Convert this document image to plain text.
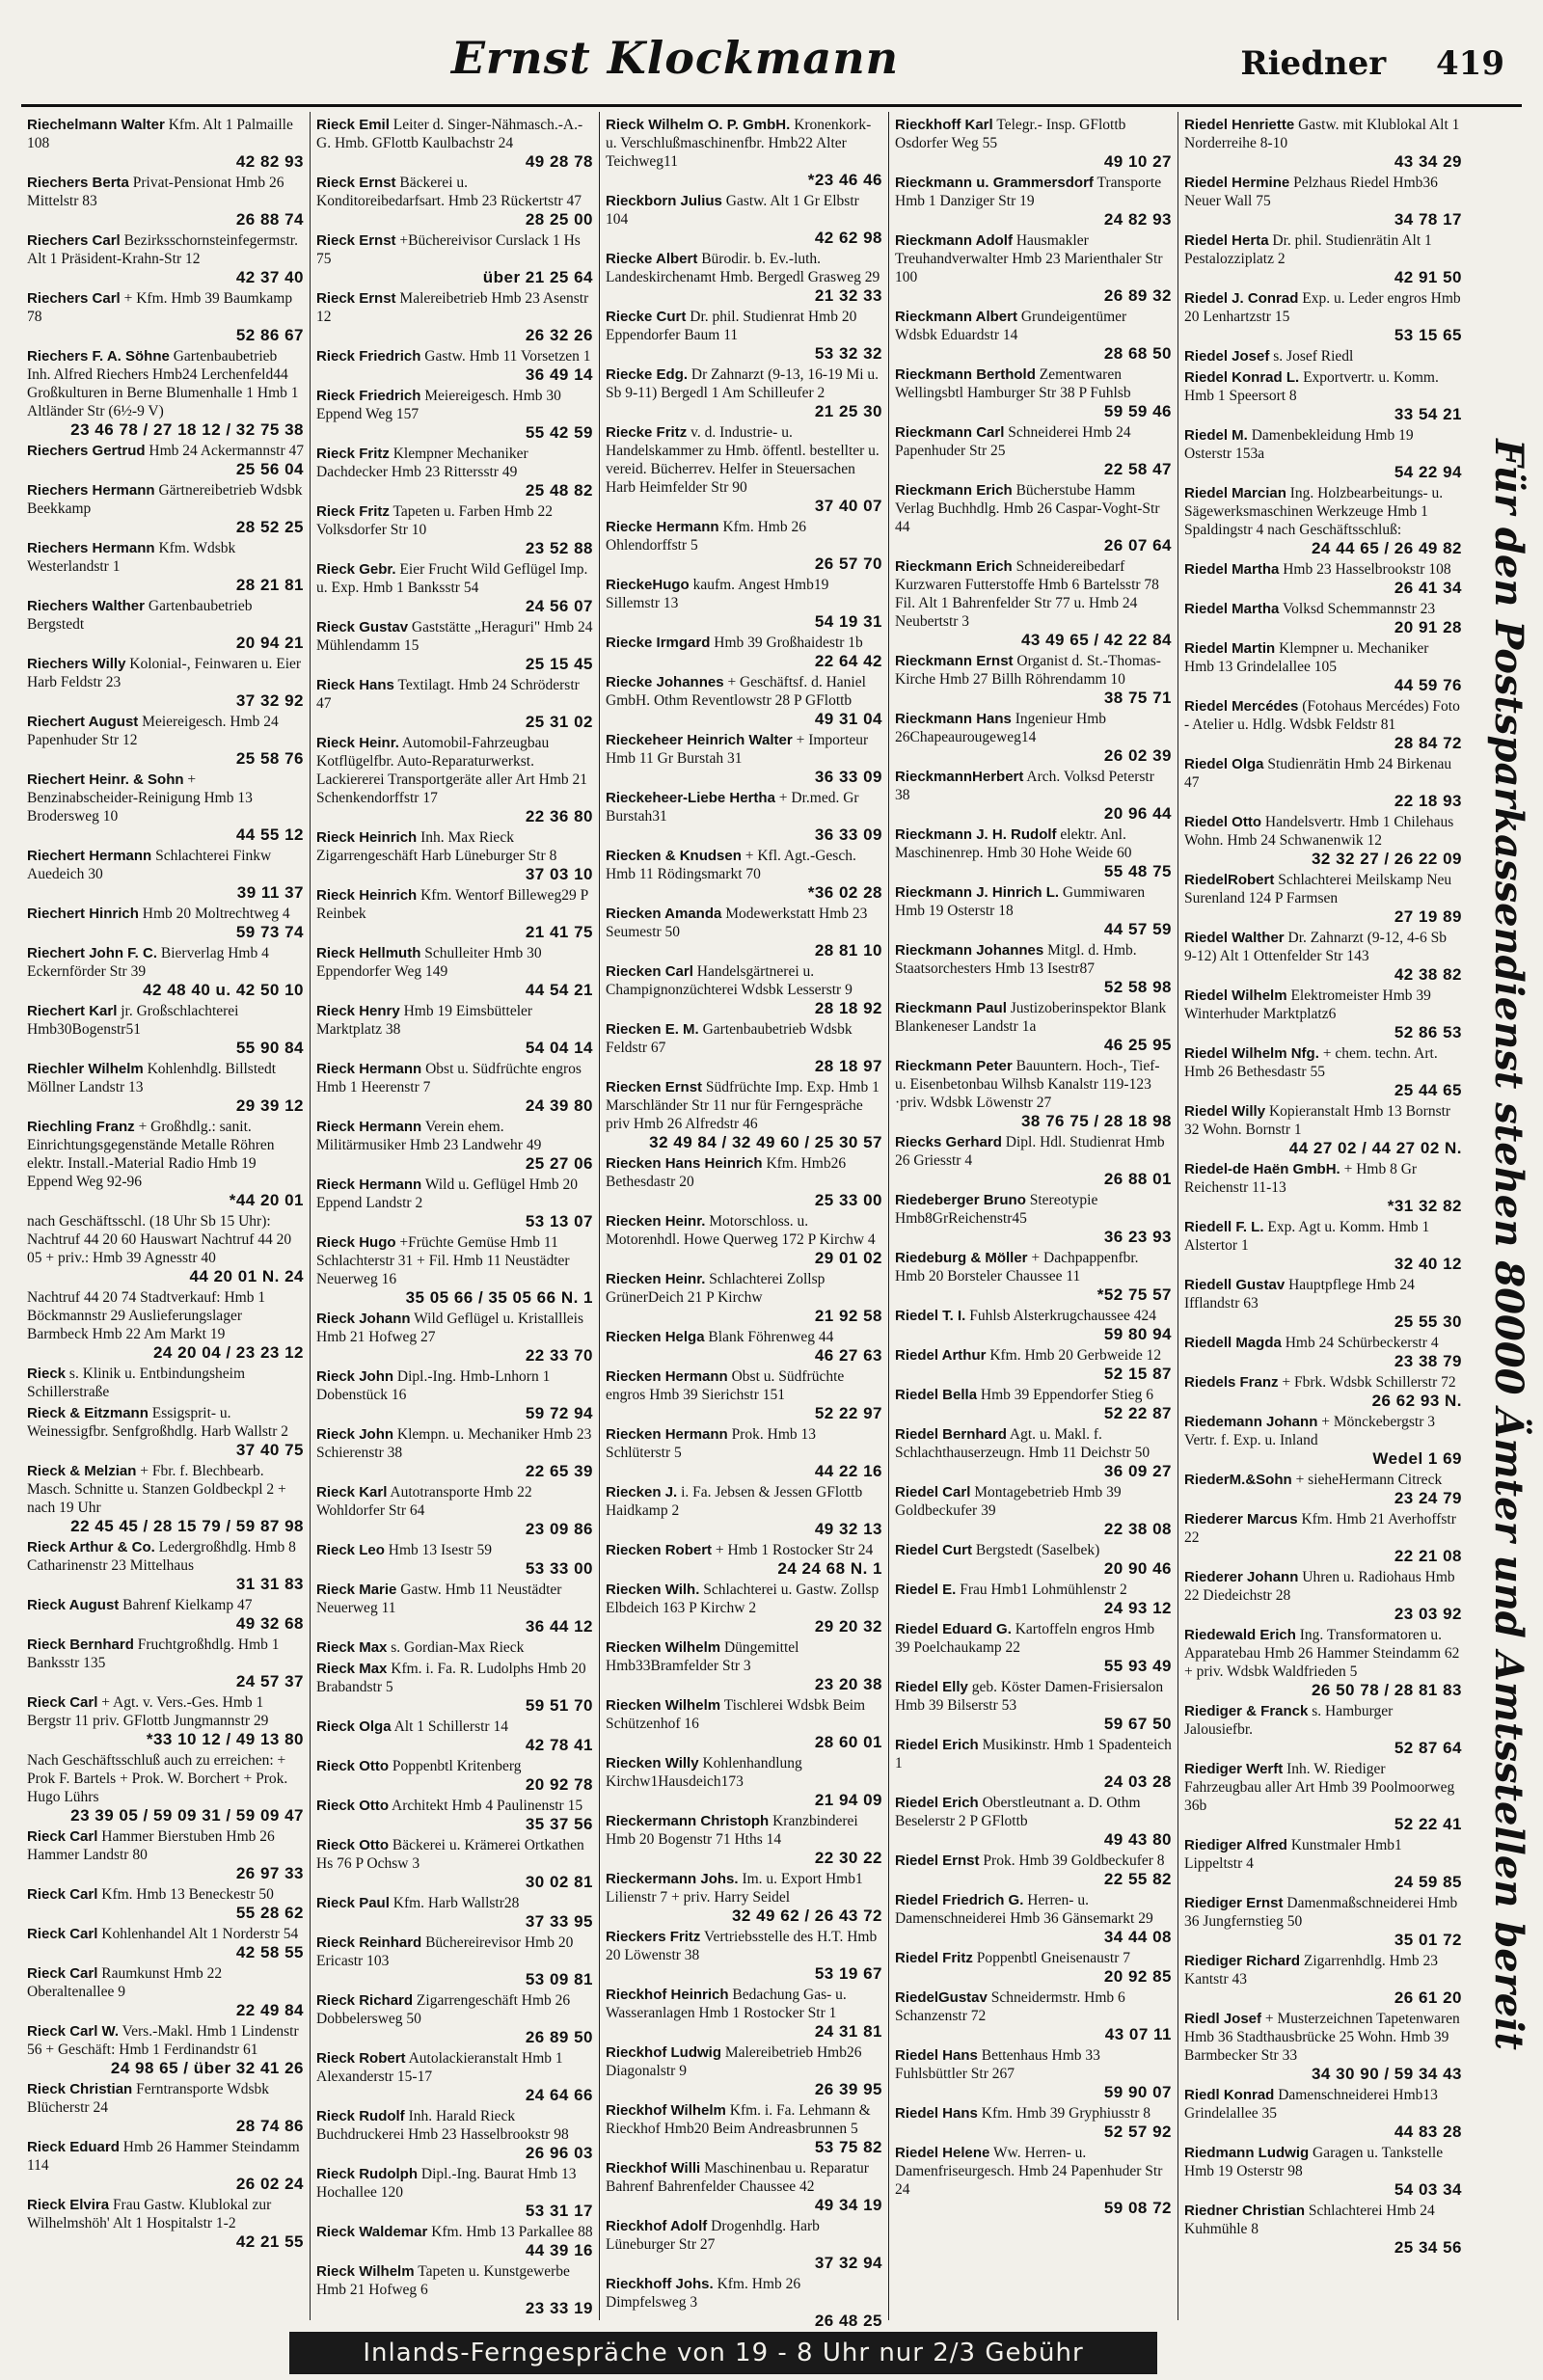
Ernst Klockmann	Riedner 419
Riechelmann Walter Kfm. Alt 1 Palmaille 108
42 82 93
Riechers Berta Privat-Pensionat Hmb 26 Mittelstr 83
26 88 74
Riechers Carl Bezirksschornsteinfegermstr. Alt 1 Präsident-Krahn-Str 12
42 37 40
Riechers Carl + Kfm. Hmb 39 Baumkamp 78
52 86 67
Riechers F. A. Söhne Gartenbaubetrieb Inh. Alfred Riechers Hmb24 Lerchenfeld44 Großkulturen in Berne Blumenhalle 1 Hmb 1 Altländer Str (6½-9 V)
23 46 78 / 27 18 12 / 32 75 38
Riechers Gertrud Hmb 24 Ackermannstr 47
25 56 04
Riechers Hermann Gärtnereibetrieb Wdsbk Beekkamp
28 52 25
Riechers Hermann Kfm. Wdsbk Westerlandstr 1
28 21 81
Riechers Walther Gartenbaubetrieb Bergstedt
20 94 21
Riechers Willy Kolonial-, Feinwaren u. Eier Harb Feldstr 23
37 32 92
Riechert August Meiereigesch. Hmb 24 Papenhuder Str 12
25 58 76
Riechert Heinr. & Sohn + Benzinabscheider-Reinigung Hmb 13 Brodersweg 10
44 55 12
Riechert Hermann Schlachterei Finkw Auedeich 30
39 11 37
Riechert Hinrich Hmb 20 Moltrechtweg 4
59 73 74
Riechert John F. C. Bierverlag Hmb 4 Eckernförder Str 39
42 48 40 u. 42 50 10
Riechert Karl jr. Großschlachterei Hmb30Bogenstr51
55 90 84
Riechler Wilhelm Kohlenhdlg. Billstedt Möllner Landstr 13
29 39 12
Riechling Franz + Großhdlg.: sanit. Einrichtungsgegenstände Metalle Röhren elektr. Install.-Material Radio Hmb 19 Eppend Weg 92-96
*44 20 01
nach Geschäftsschl. (18 Uhr Sb 15 Uhr): Nachtruf 44 20 60 Hauswart Nachtruf 44 20 05 + priv.: Hmb 39 Agnesstr 40
44 20 01 N. 24
Nachtruf 44 20 74 Stadtverkauf: Hmb 1 Böckmannstr 29 Auslieferungslager Barmbeck Hmb 22 Am Markt 19
24 20 04 / 23 23 12
Rieck s. Klinik u. Entbindungsheim Schillerstraße
Rieck & Eitzmann Essigsprit- u. Weinessigfbr. Senfgroßhdlg. Harb Wallstr 2
37 40 75
Rieck & Melzian + Fbr. f. Blechbearb. Masch. Schnitte u. Stanzen Goldbeckpl 2 + nach 19 Uhr
22 45 45 / 28 15 79 / 59 87 98
Rieck Arthur & Co. Ledergroßhdlg. Hmb 8 Catharinenstr 23 Mittelhaus
31 31 83
Rieck August Bahrenf Kielkamp 47
49 32 68
Rieck Bernhard Fruchtgroßhdlg. Hmb 1 Banksstr 135
24 57 37
Rieck Carl + Agt. v. Vers.-Ges. Hmb 1 Bergstr 11 priv. GFlottb Jungmannstr 29
*33 10 12 / 49 13 80
Nach Geschäftsschluß auch zu erreichen: + Prok F. Bartels + Prok. W. Borchert + Prok. Hugo Lührs
23 39 05 / 59 09 31 / 59 09 47
Rieck Carl Hammer Bierstuben Hmb 26 Hammer Landstr 80
26 97 33
Rieck Carl Kfm. Hmb 13 Beneckestr 50
55 28 62
Rieck Carl Kohlenhandel Alt 1 Norderstr 54
42 58 55
Rieck Carl Raumkunst Hmb 22 Oberaltenallee 9
22 49 84
Rieck Carl W. Vers.-Makl. Hmb 1 Lindenstr 56 + Geschäft: Hmb 1 Ferdinandstr 61
24 98 65 / über 32 41 26
Rieck Christian Ferntransporte Wdsbk Blücherstr 24
28 74 86
Rieck Eduard Hmb 26 Hammer Steindamm 114
26 02 24
Rieck Elvira Frau Gastw. Klublokal zur Wilhelmshöh' Alt 1 Hospitalstr 1-2
42 21 55
Rieck Emil Leiter d. Singer-Nähmasch.-A.-G. Hmb. GFlottb Kaulbachstr 24
49 28 78
Rieck Ernst Bäckerei u. Konditoreibedarfsart. Hmb 23 Rückertstr 47
28 25 00
Rieck Ernst +Büchereivisor Curslack 1 Hs 75
über 21 25 64
Rieck Ernst Malereibetrieb Hmb 23 Asenstr 12
26 32 26
Rieck Friedrich Gastw. Hmb 11 Vorsetzen 1
36 49 14
Rieck Friedrich Meiereigesch. Hmb 30 Eppend Weg 157
55 42 59
Rieck Fritz Klempner Mechaniker Dachdecker Hmb 23 Rittersstr 49
25 48 82
Rieck Fritz Tapeten u. Farben Hmb 22 Volksdorfer Str 10
23 52 88
Rieck Gebr. Eier Frucht Wild Geflügel Imp. u. Exp. Hmb 1 Banksstr 54
24 56 07
Rieck Gustav Gaststätte „Heraguri" Hmb 24 Mühlendamm 15
25 15 45
Rieck Hans Textilagt. Hmb 24 Schröderstr 47
25 31 02
Rieck Heinr. Automobil-Fahrzeugbau Kotflügelfbr. Auto-Reparaturwerkst. Lackiererei Transportgeräte aller Art Hmb 21 Schenkendorffstr 17
22 36 80
Rieck Heinrich Inh. Max Rieck Zigarrengeschäft Harb Lüneburger Str 8
37 03 10
Rieck Heinrich Kfm. Wentorf Billeweg29 P Reinbek
21 41 75
Rieck Hellmuth Schulleiter Hmb 30 Eppendorfer Weg 149
44 54 21
Rieck Henry Hmb 19 Eimsbütteler Marktplatz 38
54 04 14
Rieck Hermann Obst u. Südfrüchte engros Hmb 1 Heerenstr 7
24 39 80
Rieck Hermann Verein ehem. Militärmusiker Hmb 23 Landwehr 49
25 27 06
Rieck Hermann Wild u. Geflügel Hmb 20 Eppend Landstr 2
53 13 07
Rieck Hugo +Früchte Gemüse Hmb 11 Schlachterstr 31 + Fil. Hmb 11 Neustädter Neuerweg 16
35 05 66 / 35 05 66 N. 1
Rieck Johann Wild Geflügel u. Kristallleis Hmb 21 Hofweg 27
22 33 70
Rieck John Dipl.-Ing. Hmb-Lnhorn 1 Dobenstück 16
59 72 94
Rieck John Klempn. u. Mechaniker Hmb 23 Schierenstr 38
22 65 39
Rieck Karl Autotransporte Hmb 22 Wohldorfer Str 64
23 09 86
Rieck Leo Hmb 13 Isestr 59
53 33 00
Rieck Marie Gastw. Hmb 11 Neustädter Neuerweg 11
36 44 12
Rieck Max s. Gordian-Max Rieck
Rieck Max Kfm. i. Fa. R. Ludolphs Hmb 20 Brabandstr 5
59 51 70
Rieck Olga Alt 1 Schillerstr 14
42 78 41
Rieck Otto Poppenbtl Kritenberg
20 92 78
Rieck Otto Architekt Hmb 4 Paulinenstr 15
35 37 56
Rieck Otto Bäckerei u. Krämerei Ortkathen Hs 76 P Ochsw 3
30 02 81
Rieck Paul Kfm. Harb Wallstr28
37 33 95
Rieck Reinhard Büchereirevisor Hmb 20 Ericastr 103
53 09 81
Rieck Richard Zigarrengeschäft Hmb 26 Dobbelersweg 50
26 89 50
Rieck Robert Autolackieranstalt Hmb 1 Alexanderstr 15-17
24 64 66
Rieck Rudolf Inh. Harald Rieck Buchdruckerei Hmb 23 Hasselbrookstr 98
26 96 03
Rieck Rudolph Dipl.-Ing. Baurat Hmb 13 Hochallee 120
53 31 17
Rieck Waldemar Kfm. Hmb 13 Parkallee 88
44 39 16
Rieck Wilhelm Tapeten u. Kunstgewerbe Hmb 21 Hofweg 6
23 33 19
Rieck Wilhelm O. P. GmbH. Kronenkork- u. Verschlußmaschinenfbr. Hmb22 Alter Teichweg11
*23 46 46
Rieckborn Julius Gastw. Alt 1 Gr Elbstr 104
42 62 98
Riecke Albert Bürodir. b. Ev.-luth. Landeskirchenamt Hmb. Bergedl Grasweg 29
21 32 33
Riecke Curt Dr. phil. Studienrat Hmb 20 Eppendorfer Baum 11
53 32 32
Riecke Edg. Dr Zahnarzt (9-13, 16-19 Mi u. Sb 9-11) Bergedl 1 Am Schilleufer 2
21 25 30
Riecke Fritz v. d. Industrie- u. Handelskammer zu Hmb. öffentl. bestellter u. vereid. Bücherrev. Helfer in Steuersachen Harb Heimfelder Str 90
37 40 07
Riecke Hermann Kfm. Hmb 26 Ohlendorffstr 5
26 57 70
RieckeHugo kaufm. Angest Hmb19 Sillemstr 13
54 19 31
Riecke Irmgard Hmb 39 Großhaidestr 1b
22 64 42
Riecke Johannes + Geschäftsf. d. Haniel GmbH. Othm Reventlowstr 28 P GFlottb
49 31 04
Rieckeheer Heinrich Walter + Importeur Hmb 11 Gr Burstah 31
36 33 09
Rieckeheer-Liebe Hertha + Dr.med. Gr Burstah31
36 33 09
Riecken & Knudsen + Kfl. Agt.-Gesch. Hmb 11 Rödingsmarkt 70
*36 02 28
Riecken Amanda Modewerkstatt Hmb 23 Seumestr 50
28 81 10
Riecken Carl Handelsgärtnerei u. Champignonzüchterei Wdsbk Lesserstr 9
28 18 92
Riecken E. M. Gartenbaubetrieb Wdsbk Feldstr 67
28 18 97
Riecken Ernst Südfrüchte Imp. Exp. Hmb 1 Marschländer Str 11 nur für Ferngespräche priv Hmb 26 Alfredstr 46
32 49 84 / 32 49 60 / 25 30 57
Riecken Hans Heinrich Kfm. Hmb26 Bethesdastr 20
25 33 00
Riecken Heinr. Motorschloss. u. Motorenhdl. Howe Querweg 172 P Kirchw 4
29 01 02
Riecken Heinr. Schlachterei Zollsp GrünerDeich 21 P Kirchw
21 92 58
Riecken Helga Blank Föhrenweg 44
46 27 63
Riecken Hermann Obst u. Südfrüchte engros Hmb 39 Sierichstr 151
52 22 97
Riecken Hermann Prok. Hmb 13 Schlüterstr 5
44 22 16
Riecken J. i. Fa. Jebsen & Jessen GFlottb Haidkamp 2
49 32 13
Riecken Robert + Hmb 1 Rostocker Str 24
24 24 68 N. 1
Riecken Wilh. Schlachterei u. Gastw. Zollsp Elbdeich 163 P Kirchw 2
29 20 32
Riecken Wilhelm Düngemittel Hmb33Bramfelder Str 3
23 20 38
Riecken Wilhelm Tischlerei Wdsbk Beim Schützenhof 16
28 60 01
Riecken Willy Kohlenhandlung Kirchw1Hausdeich173
21 94 09
Rieckermann Christoph Kranzbinderei Hmb 20 Bogenstr 71 Hths 14
22 30 22
Rieckermann Johs. Im. u. Export Hmb1 Lilienstr 7 + priv. Harry Seidel
32 49 62 / 26 43 72
Rieckers Fritz Vertriebsstelle des H.T. Hmb 20 Löwenstr 38
53 19 67
Rieckhof Heinrich Bedachung Gas- u. Wasseranlagen Hmb 1 Rostocker Str 1
24 31 81
Rieckhof Ludwig Malereibetrieb Hmb26 Diagonalstr 9
26 39 95
Rieckhof Wilhelm Kfm. i. Fa. Lehmann & Rieckhof Hmb20 Beim Andreasbrunnen 5
53 75 82
Rieckhof Willi Maschinenbau u. Reparatur Bahrenf Bahrenfelder Chaussee 42
49 34 19
Rieckhof Adolf Drogenhdlg. Harb Lüneburger Str 27
37 32 94
Rieckhoff Johs. Kfm. Hmb 26 Dimpfelsweg 3
26 48 25
Rieckhoff Karl Telegr.- Insp. GFlottb Osdorfer Weg 55
49 10 27
Rieckmann u. Grammersdorf Transporte Hmb 1 Danziger Str 19
24 82 93
Rieckmann Adolf Hausmakler Treuhandverwalter Hmb 23 Marienthaler Str 100
26 89 32
Rieckmann Albert Grundeigentümer Wdsbk Eduardstr 14
28 68 50
Rieckmann Berthold Zementwaren Wellingsbtl Hamburger Str 38 P Fuhlsb
59 59 46
Rieckmann Carl Schneiderei Hmb 24 Papenhuder Str 25
22 58 47
Rieckmann Erich Bücherstube Hamm Verlag Buchhdlg. Hmb 26 Caspar-Voght-Str 44
26 07 64
Rieckmann Erich Schneidereibedarf Kurzwaren Futterstoffe Hmb 6 Bartelsstr 78 Fil. Alt 1 Bahrenfelder Str 77 u. Hmb 24 Neubertstr 3
43 49 65 / 42 22 84
Rieckmann Ernst Organist d. St.-Thomas-Kirche Hmb 27 Billh Röhrendamm 10
38 75 71
Rieckmann Hans Ingenieur Hmb 26Chapeaurougeweg14
26 02 39
RieckmannHerbert Arch. Volksd Peterstr 38
20 96 44
Rieckmann J. H. Rudolf elektr. Anl. Maschinenrep. Hmb 30 Hohe Weide 60
55 48 75
Rieckmann J. Hinrich L. Gummiwaren Hmb 19 Osterstr 18
44 57 59
Rieckmann Johannes Mitgl. d. Hmb. Staatsorchesters Hmb 13 Isestr87
52 58 98
Rieckmann Paul Justizoberinspektor Blank Blankeneser Landstr 1a
46 25 95
Rieckmann Peter Bauuntern. Hoch-, Tief- u. Eisenbetonbau Wilhsb Kanalstr 119-123 ·priv. Wdsbk Löwenstr 27
38 76 75 / 28 18 98
Riecks Gerhard Dipl. Hdl. Studienrat Hmb 26 Griesstr 4
26 88 01
Riedeberger Bruno Stereotypie Hmb8GrReichenstr45
36 23 93
Riedeburg & Möller + Dachpappenfbr. Hmb 20 Borsteler Chaussee 11
*52 75 57
Riedel T. I. Fuhlsb Alsterkrugchaussee 424
59 80 94
Riedel Arthur Kfm. Hmb 20 Gerbweide 12
52 15 87
Riedel Bella Hmb 39 Eppendorfer Stieg 6
52 22 87
Riedel Bernhard Agt. u. Makl. f. Schlachthauserzeugn. Hmb 11 Deichstr 50
36 09 27
Riedel Carl Montagebetrieb Hmb 39 Goldbeckufer 39
22 38 08
Riedel Curt Bergstedt (Saselbek)
20 90 46
Riedel E. Frau Hmb1 Lohmühlenstr 2
24 93 12
Riedel Eduard G. Kartoffeln engros Hmb 39 Poelchaukamp 22
55 93 49
Riedel Elly geb. Köster Damen-Frisiersalon Hmb 39 Bilserstr 53
59 67 50
Riedel Erich Musikinstr. Hmb 1 Spadenteich 1
24 03 28
Riedel Erich Oberstleutnant a. D. Othm Beselerstr 2 P GFlottb
49 43 80
Riedel Ernst Prok. Hmb 39 Goldbeckufer 8
22 55 82
Riedel Friedrich G. Herren- u. Damenschneiderei Hmb 36 Gänsemarkt 29
34 44 08
Riedel Fritz Poppenbtl Gneisenaustr 7
20 92 85
RiedelGustav Schneidermstr. Hmb 6 Schanzenstr 72
43 07 11
Riedel Hans Bettenhaus Hmb 33 Fuhlsbüttler Str 267
59 90 07
Riedel Hans Kfm. Hmb 39 Gryphiusstr 8
52 57 92
Riedel Helene Ww. Herren- u. Damenfriseurgesch. Hmb 24 Papenhuder Str 24
59 08 72
Riedel Henriette Gastw. mit Klublokal Alt 1 Norderreihe 8-10
43 34 29
Riedel Hermine Pelzhaus Riedel Hmb36 Neuer Wall 75
34 78 17
Riedel Herta Dr. phil. Studienrätin Alt 1 Pestalozziplatz 2
42 91 50
Riedel J. Conrad Exp. u. Leder engros Hmb 20 Lenhartzstr 15
53 15 65
Riedel Josef s. Josef Riedl
Riedel Konrad L. Exportvertr. u. Komm. Hmb 1 Speersort 8
33 54 21
Riedel M. Damenbekleidung Hmb 19 Osterstr 153a
54 22 94
Riedel Marcian Ing. Holzbearbeitungs- u. Sägewerksmaschinen Werkzeuge Hmb 1 Spaldingstr 4 nach Geschäftsschluß:
24 44 65 / 26 49 82
Riedel Martha Hmb 23 Hasselbrookstr 108
26 41 34
Riedel Martha Volksd Schemmannstr 23
20 91 28
Riedel Martin Klempner u. Mechaniker Hmb 13 Grindelallee 105
44 59 76
Riedel Mercédes (Fotohaus Mercédes) Foto - Atelier u. Hdlg. Wdsbk Feldstr 81
28 84 72
Riedel Olga Studienrätin Hmb 24 Birkenau 47
22 18 93
Riedel Otto Handelsvertr. Hmb 1 Chilehaus Wohn. Hmb 24 Schwanenwik 12
32 32 27 / 26 22 09
RiedelRobert Schlachterei Meilskamp Neu Surenland 124 P Farmsen
27 19 89
Riedel Walther Dr. Zahnarzt (9-12, 4-6 Sb 9-12) Alt 1 Ottenfelder Str 143
42 38 82
Riedel Wilhelm Elektromeister Hmb 39 Winterhuder Marktplatz6
52 86 53
Riedel Wilhelm Nfg. + chem. techn. Art. Hmb 26 Bethesdastr 55
25 44 65
Riedel Willy Kopieranstalt Hmb 13 Bornstr 32 Wohn. Bornstr 1
44 27 02 / 44 27 02 N.
Riedel-de Haën GmbH. + Hmb 8 Gr Reichenstr 11-13
*31 32 82
Riedell F. L. Exp. Agt u. Komm. Hmb 1 Alstertor 1
32 40 12
Riedell Gustav Hauptpflege Hmb 24 Ifflandstr 63
25 55 30
Riedell Magda Hmb 24 Schürbeckerstr 4
23 38 79
Riedels Franz + Fbrk. Wdsbk Schillerstr 72
26 62 93 N.
Riedemann Johann + Mönckebergstr 3 Vertr. f. Exp. u. Inland
Wedel 1 69
RiederM.&Sohn + sieheHermann Citreck
23 24 79
Riederer Marcus Kfm. Hmb 21 Averhoffstr 22
22 21 08
Riederer Johann Uhren u. Radiohaus Hmb 22 Diedeichstr 28
23 03 92
Riedewald Erich Ing. Transformatoren u. Apparatebau Hmb 26 Hammer Steindamm 62 + priv. Wdsbk Waldfrieden 5
26 50 78 / 28 81 83
Riediger & Franck s. Hamburger Jalousiefbr.
52 87 64
Riediger Werft Inh. W. Riediger Fahrzeugbau aller Art Hmb 39 Poolmoorweg 36b
52 22 41
Riediger Alfred Kunstmaler Hmb1 Lippeltstr 4
24 59 85
Riediger Ernst Damenmaßschneiderei Hmb 36 Jungfernstieg 50
35 01 72
Riediger Richard Zigarrenhdlg. Hmb 23 Kantstr 43
26 61 20
Riedl Josef + Musterzeichnen Tapetenwaren Hmb 36 Stadthausbrücke 25 Wohn. Hmb 39 Barmbecker Str 33
34 30 90 / 59 34 43
Riedl Konrad Damenschneiderei Hmb13 Grindelallee 35
44 83 28
Riedmann Ludwig Garagen u. Tankstelle Hmb 19 Osterstr 98
54 03 34
Riedner Christian Schlachterei Hmb 24 Kuhmühle 8
25 34 56
Für den Postsparkassendienst stehen 80000 Ämter und Amtsstellen bereit
Inlands-Ferngespräche von 19 - 8 Uhr nur 2/3 Gebühr
